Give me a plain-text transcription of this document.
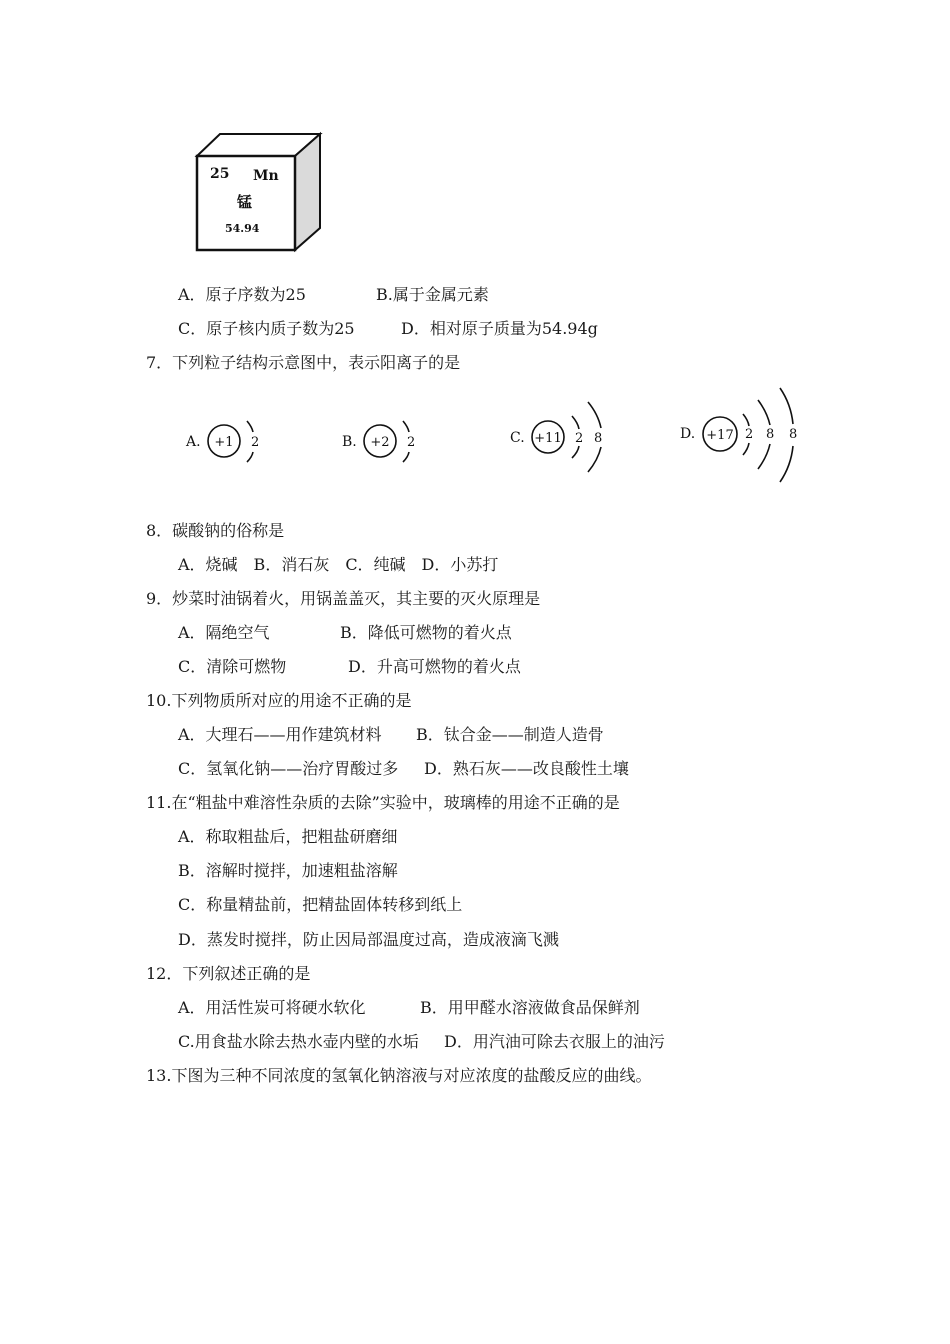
25 Mn
锰
54.94
A．原子序数为25	B.属于金属元素
C．原子核内质子数为25	D．相对原子质量为54.94g
7．下列粒子结构示意图中，表示阳离子的是
A. +1 2	B. +2 2	C. +11 2 8	D. +17 2 8 8
8．碳酸钠的俗称是
A．烧碱　B．消石灰　C．纯碱　D．小苏打
9．炒菜时油锅着火，用锅盖盖灭，其主要的灭火原理是
A．隔绝空气	B．降低可燃物的着火点
C．清除可燃物	D．升高可燃物的着火点
10.下列物质所对应的用途不正确的是
A．大理石——用作建筑材料 B．钛合金——制造人造骨
C．氢氧化钠——治疗胃酸过多 D．熟石灰——改良酸性土壤
11.在“粗盐中难溶性杂质的去除”实验中，玻璃棒的用途不正确的是
A．称取粗盐后，把粗盐研磨细
B．溶解时搅拌，加速粗盐溶解
C．称量精盐前，把精盐固体转移到纸上
D．蒸发时搅拌，防止因局部温度过高，造成液滴飞溅
12．下列叙述正确的是
A．用活性炭可将硬水软化	B．用甲醛水溶液做食品保鲜剂
C.用食盐水除去热水壶内壁的水垢 D．用汽油可除去衣服上的油污
13.下图为三种不同浓度的氢氧化钠溶液与对应浓度的盐酸反应的曲线。
